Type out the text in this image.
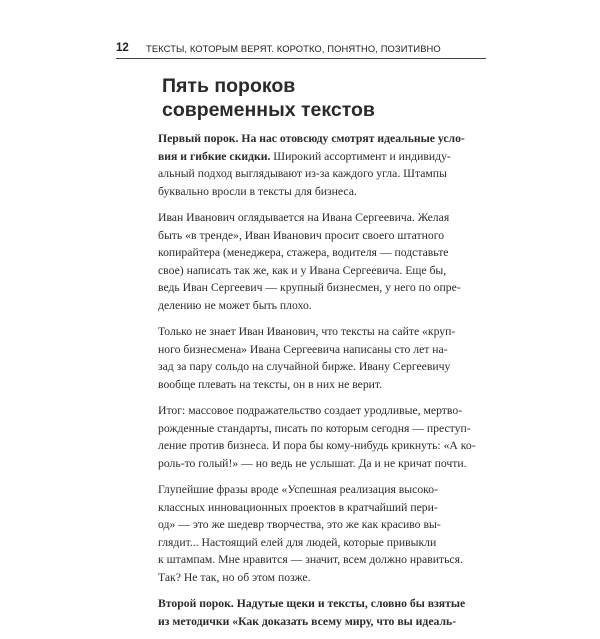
12 ТЕКСТЫ, КОТОРЫМ ВЕРЯТ. КОРОТКО, ПОНЯТНО, ПОЗИТИВНО
Пять пороков
современных текстов

Первый порок. На нас отовсюду смотрят идеальные усло-
вия и гибкие скидки. Широкий ассортимент и индивиду-
альный подход выглядывают из-за каждого угла. Штампы
буквально вросли в тексты для бизнеса.

Иван Иванович оглядывается на Ивана Сергеевича. Желая
быть «в тренде», Иван Иванович просит своего штатного
копирайтера (менеджера, стажера, водителя — подставьте
свое) написать так же, как и у Ивана Сергеевича. Еще бы,
ведь Иван Сергеевич — крупный бизнесмен, у него по опре-
делению не может быть плохо.

Только не знает Иван Иванович, что тексты на сайте «круп-
ного бизнесмена» Ивана Сергеевича написаны сто лет на-
зад за пару сольдо на случайной бирже. Ивану Сергеевичу
вообще плевать на тексты, он в них не верит.

Итог: массовое подражательство создает уродливые, мертво-
рожденные стандарты, писать по которым сегодня — преступ-
ление против бизнеса. И пора бы кому-нибудь крикнуть: «А ко-
роль-то голый!» — но ведь не услышат. Да и не кричат почти.

Глупейшие фразы вроде «Успешная реализация высоко-
классных инновационных проектов в кратчайший пери-
од» — это же шедевр творчества, это же как красиво вы-
глядит... Настоящий елей для людей, которые привыкли
к штампам. Мне нравится — значит, всем должно нравиться.
Так? Не так, но об этом позже.

Второй порок. Надутые щеки и тексты, словно бы взятые
из методички «Как доказать всему миру, что вы идеаль-
